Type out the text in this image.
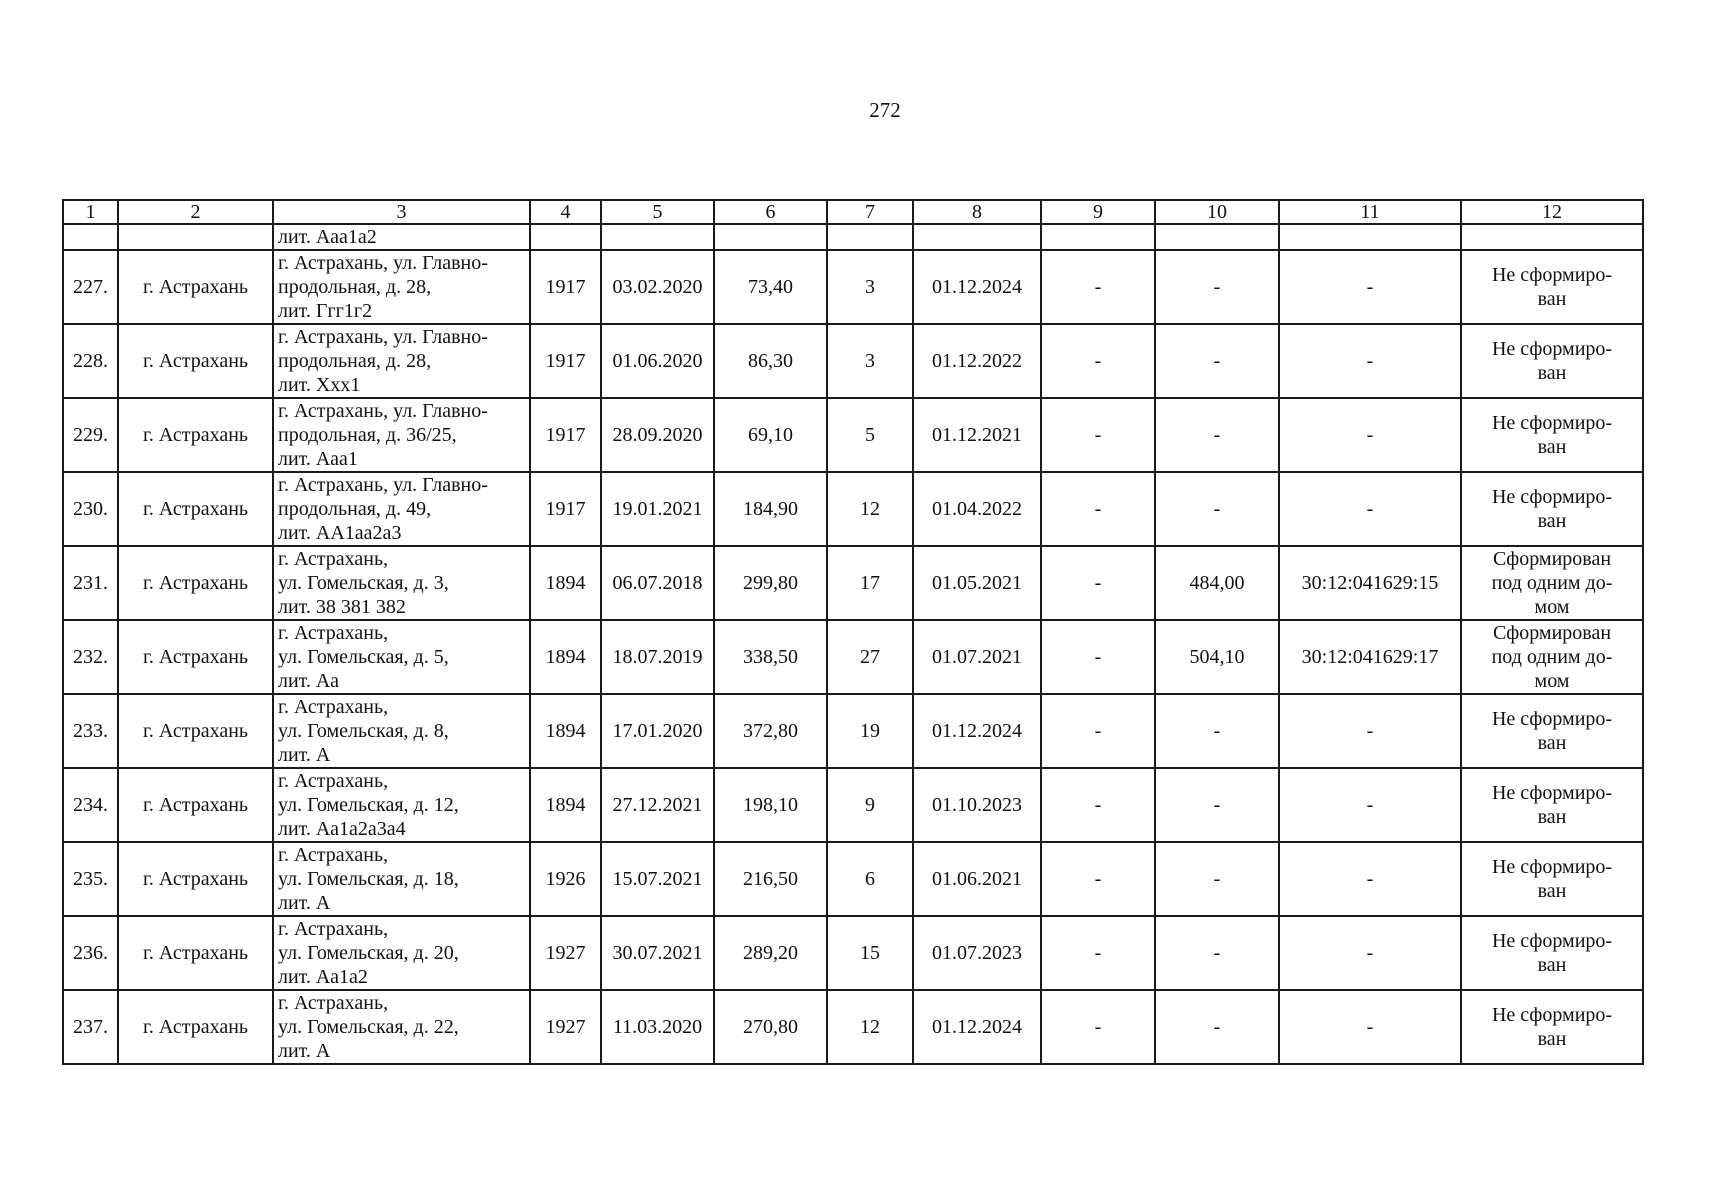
272
1	2	3	4	5	6	7	8	9	10	11	12
		лит. Ааа1а2									
227.	г. Астрахань	г. Астрахань, ул. Главно-
продольная, д. 28,
лит. Ггг1г2	1917	03.02.2020	73,40	3	01.12.2024	-	-	-	Не сформиро-
ван

228.	г. Астрахань	г. Астрахань, ул. Главно-
продольная, д. 28,
лит. Ххх1	1917	01.06.2020	86,30	3	01.12.2022	-	-	-	Не сформиро-
ван

229.	г. Астрахань	г. Астрахань, ул. Главно-
продольная, д. 36/25,
лит. Ааа1	1917	28.09.2020	69,10	5	01.12.2021	-	-	-	Не сформиро-
ван

230.	г. Астрахань	г. Астрахань, ул. Главно-
продольная, д. 49,
лит. АА1аа2а3	1917	19.01.2021	184,90	12	01.04.2022	-	-	-	Не сформиро-
ван

231.	г. Астрахань	г. Астрахань,
ул. Гомельская, д. 3,
лит. 38 381 382	1894	06.07.2018	299,80	17	01.05.2021	-	484,00	30:12:041629:15	Сформирован
под одним до-
мом

232.	г. Астрахань	г. Астрахань,
ул. Гомельская, д. 5,
лит. Аа	1894	18.07.2019	338,50	27	01.07.2021	-	504,10	30:12:041629:17	Сформирован
под одним до-
мом

233.	г. Астрахань	г. Астрахань,
ул. Гомельская, д. 8,
лит. А	1894	17.01.2020	372,80	19	01.12.2024	-	-	-	Не сформиро-
ван

234.	г. Астрахань	г. Астрахань,
ул. Гомельская, д. 12,
лит. Аа1а2а3а4	1894	27.12.2021	198,10	9	01.10.2023	-	-	-	Не сформиро-
ван

235.	г. Астрахань	г. Астрахань,
ул. Гомельская, д. 18,
лит. А	1926	15.07.2021	216,50	6	01.06.2021	-	-	-	Не сформиро-
ван

236.	г. Астрахань	г. Астрахань,
ул. Гомельская, д. 20,
лит. Аа1а2	1927	30.07.2021	289,20	15	01.07.2023	-	-	-	Не сформиро-
ван

237.	г. Астрахань	г. Астрахань,
ул. Гомельская, д. 22,
лит. А	1927	11.03.2020	270,80	12	01.12.2024	-	-	-	Не сформиро-
ван
